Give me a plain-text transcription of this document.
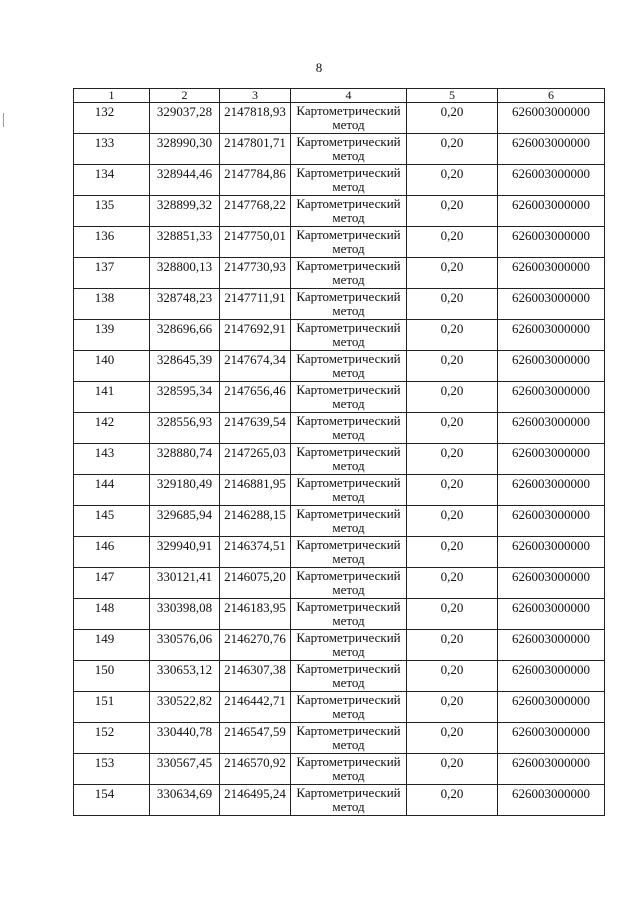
8
1	2	3	4	5	6
132	329037,28	2147818,93	Картометрический
метод	0,20	626003000000
133	328990,30	2147801,71	Картометрический
метод	0,20	626003000000
134	328944,46	2147784,86	Картометрический
метод	0,20	626003000000
135	328899,32	2147768,22	Картометрический
метод	0,20	626003000000
136	328851,33	2147750,01	Картометрический
метод	0,20	626003000000
137	328800,13	2147730,93	Картометрический
метод	0,20	626003000000
138	328748,23	2147711,91	Картометрический
метод	0,20	626003000000
139	328696,66	2147692,91	Картометрический
метод	0,20	626003000000
140	328645,39	2147674,34	Картометрический
метод	0,20	626003000000
141	328595,34	2147656,46	Картометрический
метод	0,20	626003000000
142	328556,93	2147639,54	Картометрический
метод	0,20	626003000000
143	328880,74	2147265,03	Картометрический
метод	0,20	626003000000
144	329180,49	2146881,95	Картометрический
метод	0,20	626003000000
145	329685,94	2146288,15	Картометрический
метод	0,20	626003000000
146	329940,91	2146374,51	Картометрический
метод	0,20	626003000000
147	330121,41	2146075,20	Картометрический
метод	0,20	626003000000
148	330398,08	2146183,95	Картометрический
метод	0,20	626003000000
149	330576,06	2146270,76	Картометрический
метод	0,20	626003000000
150	330653,12	2146307,38	Картометрический
метод	0,20	626003000000
151	330522,82	2146442,71	Картометрический
метод	0,20	626003000000
152	330440,78	2146547,59	Картометрический
метод	0,20	626003000000
153	330567,45	2146570,92	Картометрический
метод	0,20	626003000000
154	330634,69	2146495,24	Картометрический
метод	0,20	626003000000
